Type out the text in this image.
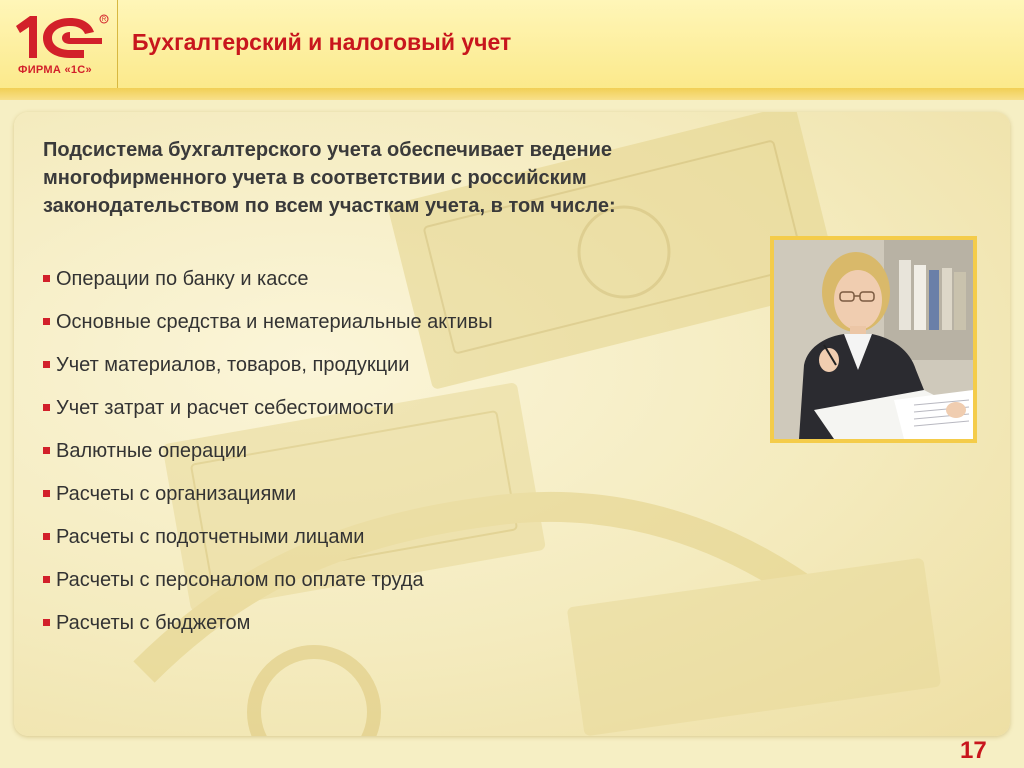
R
ФИРМА «1С»
Бухгалтерский и налоговый учет
Подсистема бухгалтерского учета обеспечивает ведение многофирменного учета в соответствии с российским законодательством по всем участкам учета, в том числе:
Операции по банку и кассе
Основные средства и нематериальные активы
Учет материалов, товаров, продукции
Учет затрат и расчет себестоимости
Валютные операции
Расчеты с организациями
Расчеты с подотчетными лицами
Расчеты с персоналом по оплате труда
Расчеты с бюджетом
17
